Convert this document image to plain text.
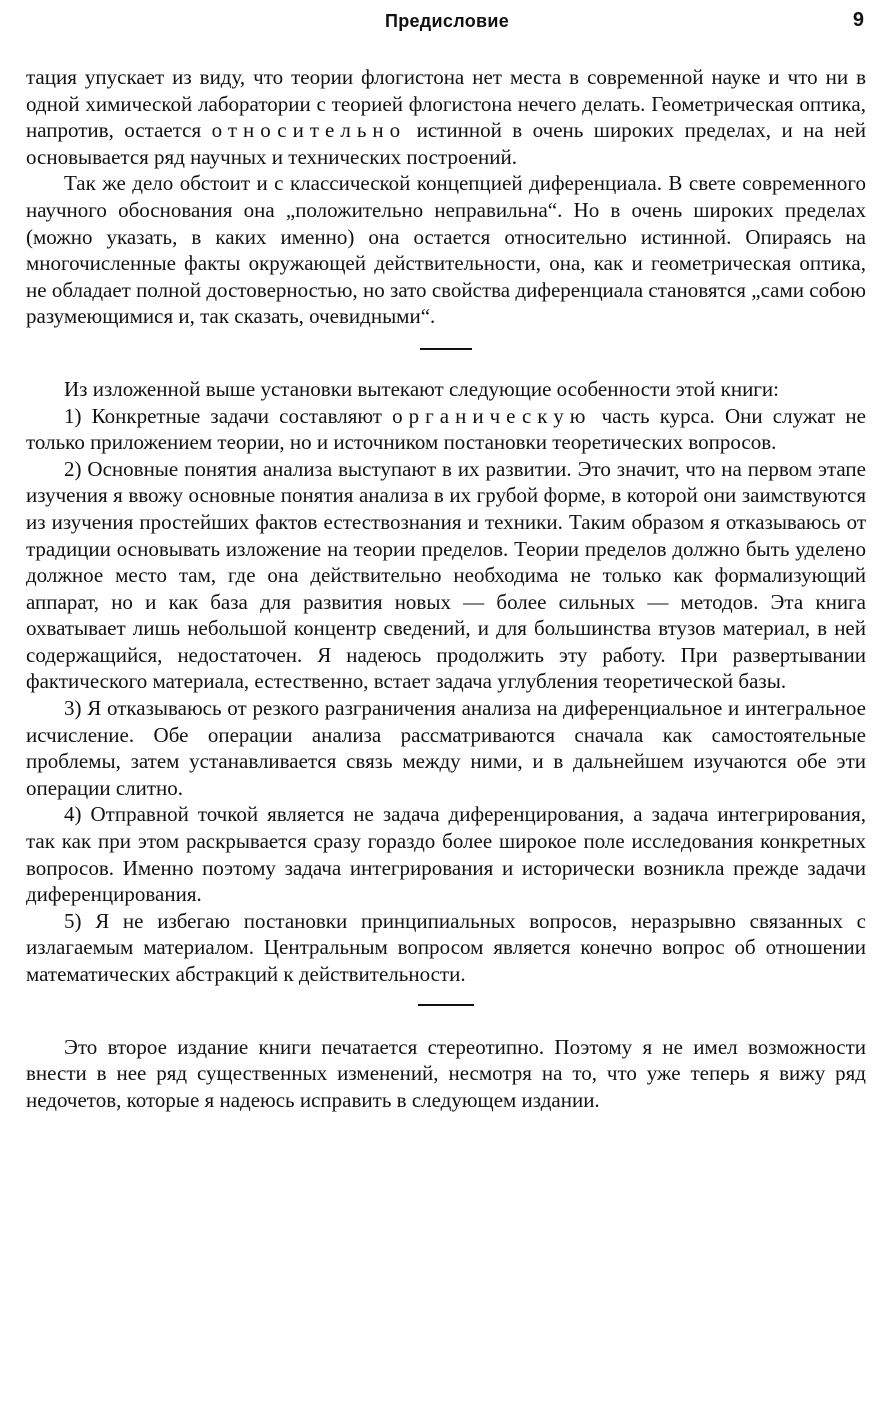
Предисловие	9

тация упускает из виду, что теории флогистона нет места в современной науке и что ни в одной химической лаборатории с теорией флогистона нечего делать. Геометрическая оптика, напротив, остается относительно истинной в очень широких пределах, и на ней основывается ряд научных и технических построений.

Так же дело обстоит и с классической концепцией диференциала. В свете современного научного обоснования она „положительно неправильна“. Но в очень широких пределах (можно указать, в каких именно) она остается относительно истинной. Опираясь на многочисленные факты окружающей действительности, она, как и геометрическая оптика, не обладает полной достоверностью, но зато свойства диференциала становятся „сами собою разумеющимися и, так сказать, очевидными“.

Из изложенной выше установки вытекают следующие особенности этой книги:

1) Конкретные задачи составляют органическую часть курса. Они служат не только приложением теории, но и источником постановки теоретических вопросов.

2) Основные понятия анализа выступают в их развитии. Это значит, что на первом этапе изучения я ввожу основные понятия анализа в их грубой форме, в которой они заимствуются из изучения простейших фактов естествознания и техники. Таким образом я отказываюсь от традиции основывать изложение на теории пределов. Теории пределов должно быть уделено должное место там, где она действительно необходима не только как формализующий аппарат, но и как база для развития новых — более сильных — методов. Эта книга охватывает лишь небольшой концентр сведений, и для большинства втузов материал, в ней содержащийся, недостаточен. Я надеюсь продолжить эту работу. При развертывании фактического материала, естественно, встает задача углубления теоретической базы.

3) Я отказываюсь от резкого разграничения анализа на диференциальное и интегральное исчисление. Обе операции анализа рассматриваются сначала как самостоятельные проблемы, затем устанавливается связь между ними, и в дальнейшем изучаются обе эти операции слитно.

4) Отправной точкой является не задача диференцирования, а задача интегрирования, так как при этом раскрывается сразу гораздо более широкое поле исследования конкретных вопросов. Именно поэтому задача интегрирования и исторически возникла прежде задачи диференцирования.

5) Я не избегаю постановки принципиальных вопросов, неразрывно связанных с излагаемым материалом. Центральным вопросом является конечно вопрос об отношении математических абстракций к действительности.

Это второе издание книги печатается стереотипно. Поэтому я не имел возможности внести в нее ряд существенных изменений, несмотря на то, что уже теперь я вижу ряд недочетов, которые я надеюсь исправить в следующем издании.
